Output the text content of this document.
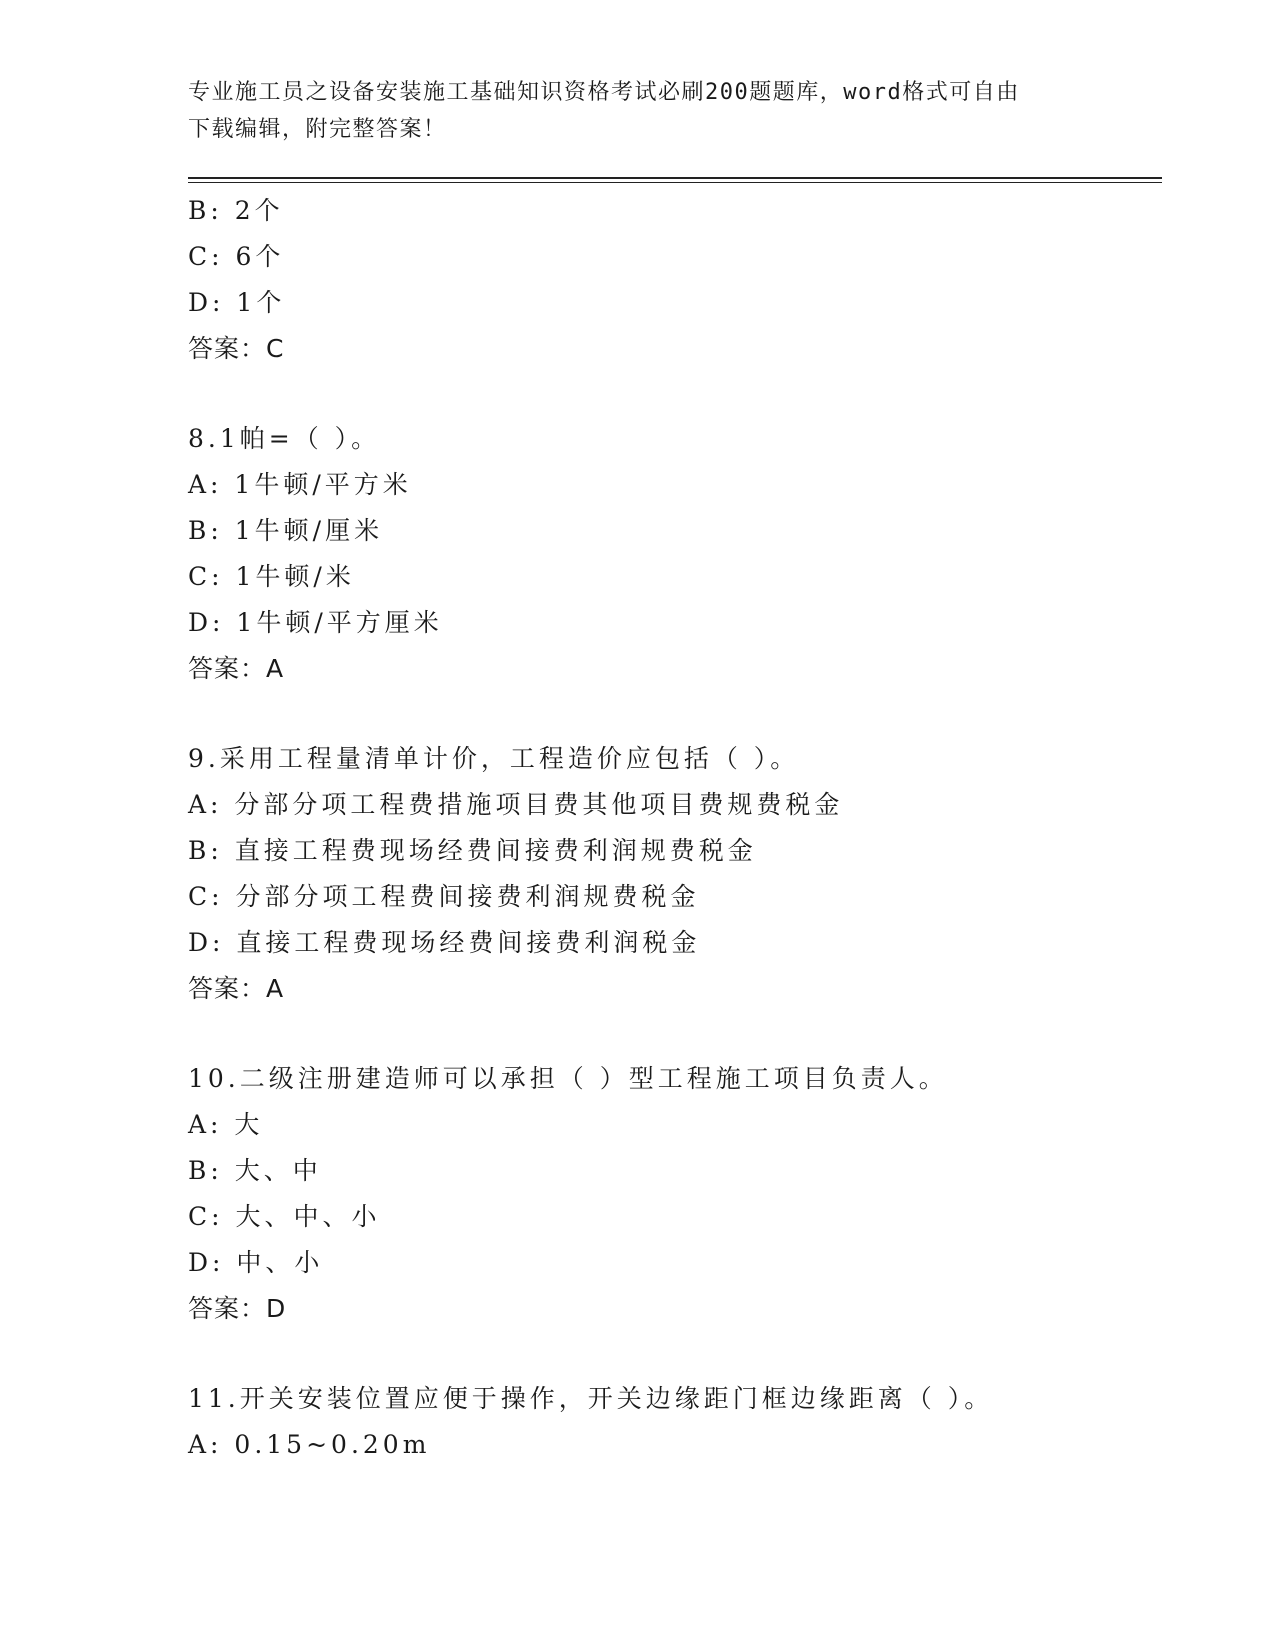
专业施工员之设备安装施工基础知识资格考试必刷200题题库，word格式可自由
下载编辑，附完整答案！
B: 2个
C: 6个
D: 1个
答案：C
8.1帕=（ ）。
A: 1牛顿/平方米
B: 1牛顿/厘米
C: 1牛顿/米
D: 1牛顿/平方厘米
答案：A
9.采用工程量清单计价，工程造价应包括（ ）。
A: 分部分项工程费措施项目费其他项目费规费税金
B: 直接工程费现场经费间接费利润规费税金
C: 分部分项工程费间接费利润规费税金
D: 直接工程费现场经费间接费利润税金
答案：A
10.二级注册建造师可以承担（ ）型工程施工项目负责人。
A: 大
B: 大、中
C: 大、中、小
D: 中、小
答案：D
11.开关安装位置应便于操作，开关边缘距门框边缘距离（ ）。
A: 0.15~0.20m
